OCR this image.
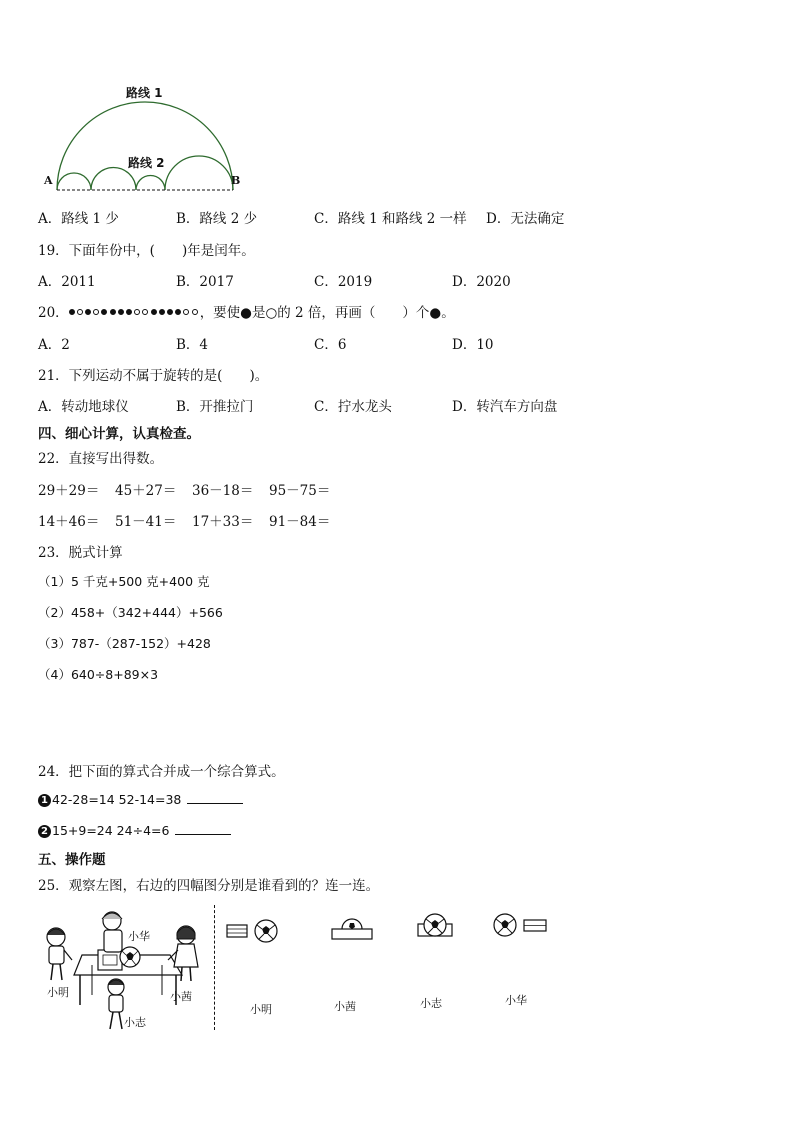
路线 1
路线 2
A	B
A．路线 1 少	B．路线 2 少	C．路线 1 和路线 2 一样 D．无法确定
19．下面年份中，(　　)年是闰年。
A．2011	B．2017	C．2019	D．2020
20．	，要使●是○的 2 倍，再画（　　）个●。
A．2	B．4	C．6	D．10
21．下列运动不属于旋转的是(　　)。
A．转动地球仪	B．开推拉门	C．拧水龙头	D．转汽车方向盘
四、细心计算，认真检查。
22．直接写出得数。
29＋29＝ 45＋27＝ 36－18＝ 95－75＝
14＋46＝ 51－41＝ 17＋33＝ 91－84＝
23．脱式计算
（1）5 千克+500 克+400 克
（2）458+（342+444）+566
（3）787-（287-152）+428
（4）640÷8+89×3
24．把下面的算式合并成一个综合算式。
1 42-28=14 52-14=38
2 15+9=24 24÷4=6
五、操作题
25．观察左图，右边的四幅图分别是谁看到的？连一连。
小华
小明	小茜
小志
小明	小茜	小志	小华
